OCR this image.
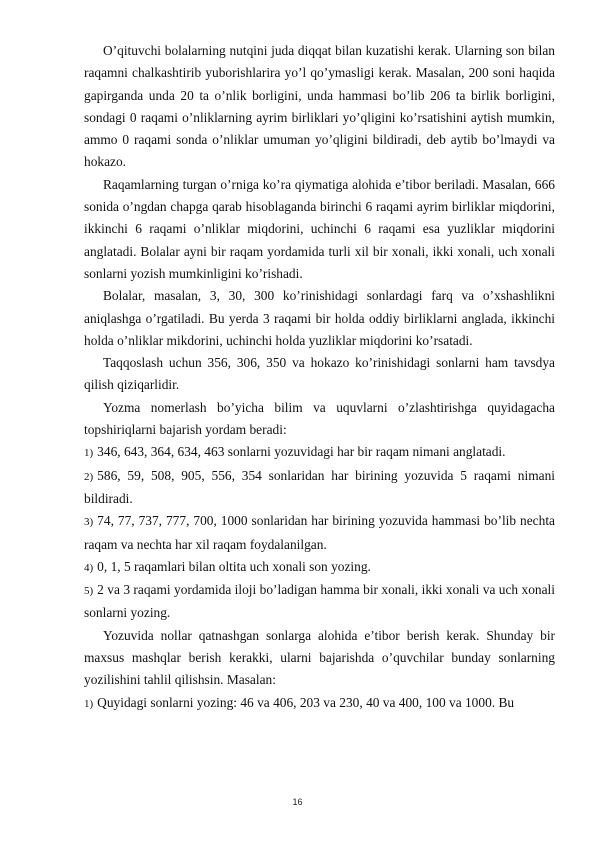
O’qituvchi bolalarning nutqini juda diqqat bilan kuzatishi kerak. Ularning son bilan raqamni chalkashtirib yuborishlarira yo’l qo’ymasligi kerak. Masalan, 200 soni haqida gapirganda unda 20 ta o’nlik borligini, unda hammasi bo’lib 206 ta birlik borligini, sondagi 0 raqami o’nliklarning ayrim birliklari yo’qligini ko’rsatishini aytish mumkin, ammo 0 raqami sonda o’nliklar umuman yo’qligini bildiradi, deb aytib bo’lmaydi va hokazo.

Raqamlarning turgan o’rniga ko’ra qiymatiga alohida e’tibor beriladi. Masalan, 666 sonida o’ngdan chapga qarab hisoblaganda birinchi 6 raqami ayrim birliklar miqdorini, ikkinchi 6 raqami o’nliklar miqdorini, uchinchi 6 raqami esa yuzliklar miqdorini anglatadi. Bolalar ayni bir raqam yordamida turli xil bir xonali, ikki xonali, uch xonali sonlarni yozish mumkinligini ko’rishadi.

Bolalar, masalan, 3, 30, 300 ko’rinishidagi sonlardagi farq va o’xshashlikni aniqlashga o’rgatiladi. Bu yerda 3 raqami bir holda oddiy birliklarni anglada, ikkinchi holda o’nliklar mikdorini, uchinchi holda yuzliklar miqdorini ko’rsatadi.

Taqqoslash uchun 356, 306, 350 va hokazo ko’rinishidagi sonlarni ham tavsdya qilish qiziqarlidir.

Yozma nomerlash bo’yicha bilim va uquvlarni o’zlashtirishga quyidagacha topshiriqlarni bajarish yordam beradi:

1) 346, 643, 364, 634, 463 sonlarni yozuvidagi har bir raqam nimani anglatadi.

2) 586, 59, 508, 905, 556, 354 sonlaridan har birining yozuvida 5 raqami nimani bildiradi.

3) 74, 77, 737, 777, 700, 1000 sonlaridan har birining yozuvida hammasi bo’lib nechta raqam va nechta har xil raqam foydalanilgan.

4) 0, 1, 5 raqamlari bilan oltita uch xonali son yozing.

5) 2 va 3 raqami yordamida iloji bo’ladigan hamma bir xonali, ikki xonali va uch xonali sonlarni yozing.

Yozuvida nollar qatnashgan sonlarga alohida e’tibor berish kerak. Shunday bir maxsus mashqlar berish kerakki, ularni bajarishda o’quvchilar bunday sonlarning yozilishini tahlil qilishsin. Masalan:

1) Quyidagi sonlarni yozing: 46 va 406, 203 va 230, 40 va 400, 100 va 1000. Bu

16
